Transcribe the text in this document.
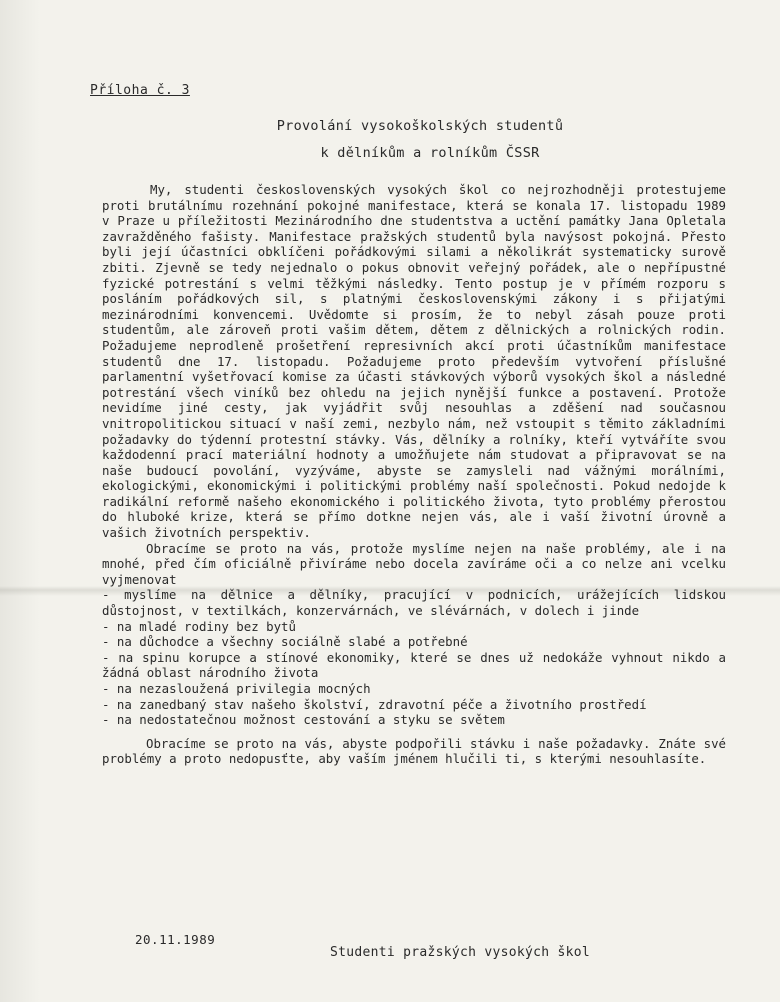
Příloha č. 3
Provolání vysokoškolských studentů
k dělníkům a rolníkům ČSSR

My, studenti československých vysokých škol co nejrozhodněji protestujeme proti brutálnímu rozehnání pokojné manifestace, která se konala 17. listopadu 1989 v Praze u příležitosti Mezinárodního dne studentstva a uctění památky Jana Opletala zavražděného fašisty. Manifestace pražských studentů byla navýsost pokojná. Přesto byli její účastníci obklíčeni pořádkovými silami a několikrát systematicky surově zbiti. Zjevně se tedy nejednalo o pokus obnovit veřejný pořádek, ale o nepřípustné fyzické potrestání s velmi těžkými následky. Tento postup je v přímém rozporu s posláním pořádkových sil, s platnými československými zákony i s přijatými mezinárodními konvencemi. Uvědomte si prosím, že to nebyl zásah pouze proti studentům, ale zároveň proti vašim dětem, dětem z dělnických a rolnických rodin. Požadujeme neprodleně prošetření represivních akcí proti účastníkům manifestace studentů dne 17. listopadu. Požadujeme proto především vytvoření příslušné parlamentní vyšetřovací komise za účasti stávkových výborů vysokých škol a následné potrestání všech viníků bez ohledu na jejich nynější funkce a postavení. Protože nevidíme jiné cesty, jak vyjádřit svůj nesouhlas a zděšení nad současnou vnitropolitickou situací v naší zemi, nezbylo nám, než vstoupit s těmito základními požadavky do týdenní protestní stávky. Vás, dělníky a rolníky, kteří vytváříte svou každodenní prací materiální hodnoty a umožňujete nám studovat a připravovat se na naše budoucí povolání, vyzýváme, abyste se zamysleli nad vážnými morálními, ekologickými, ekonomickými i politickými problémy naší společnosti. Pokud nedojde k radikální reformě našeho ekonomického i politického života, tyto problémy přerostou do hluboké krize, která se přímo dotkne nejen vás, ale i vaší životní úrovně a vašich životních perspektiv.

Obracíme se proto na vás, protože myslíme nejen na naše problémy, ale i na mnohé, před čím oficiálně přivíráme nebo docela zavíráme oči a co nelze ani vcelku vyjmenovat

- myslíme na dělnice a dělníky, pracující v podnicích, urážejících lidskou důstojnost, v textilkách, konzervárnách, ve slévárnách, v dolech i jinde
- na mladé rodiny bez bytů
- na důchodce a všechny sociálně slabé a potřebné
- na spinu korupce a stínové ekonomiky, které se dnes už nedokáže vyhnout nikdo a žádná oblast národního života
- na nezasloužená privilegia mocných
- na zanedbaný stav našeho školství, zdravotní péče a životního prostředí
- na nedostatečnou možnost cestování a styku se světem

Obracíme se proto na vás, abyste podpořili stávku i naše požadavky. Znáte své problémy a proto nedopusťte, aby vaším jménem hlučili ti, s kterými nesouhlasíte.

20.11.1989
Studenti pražských vysokých škol
